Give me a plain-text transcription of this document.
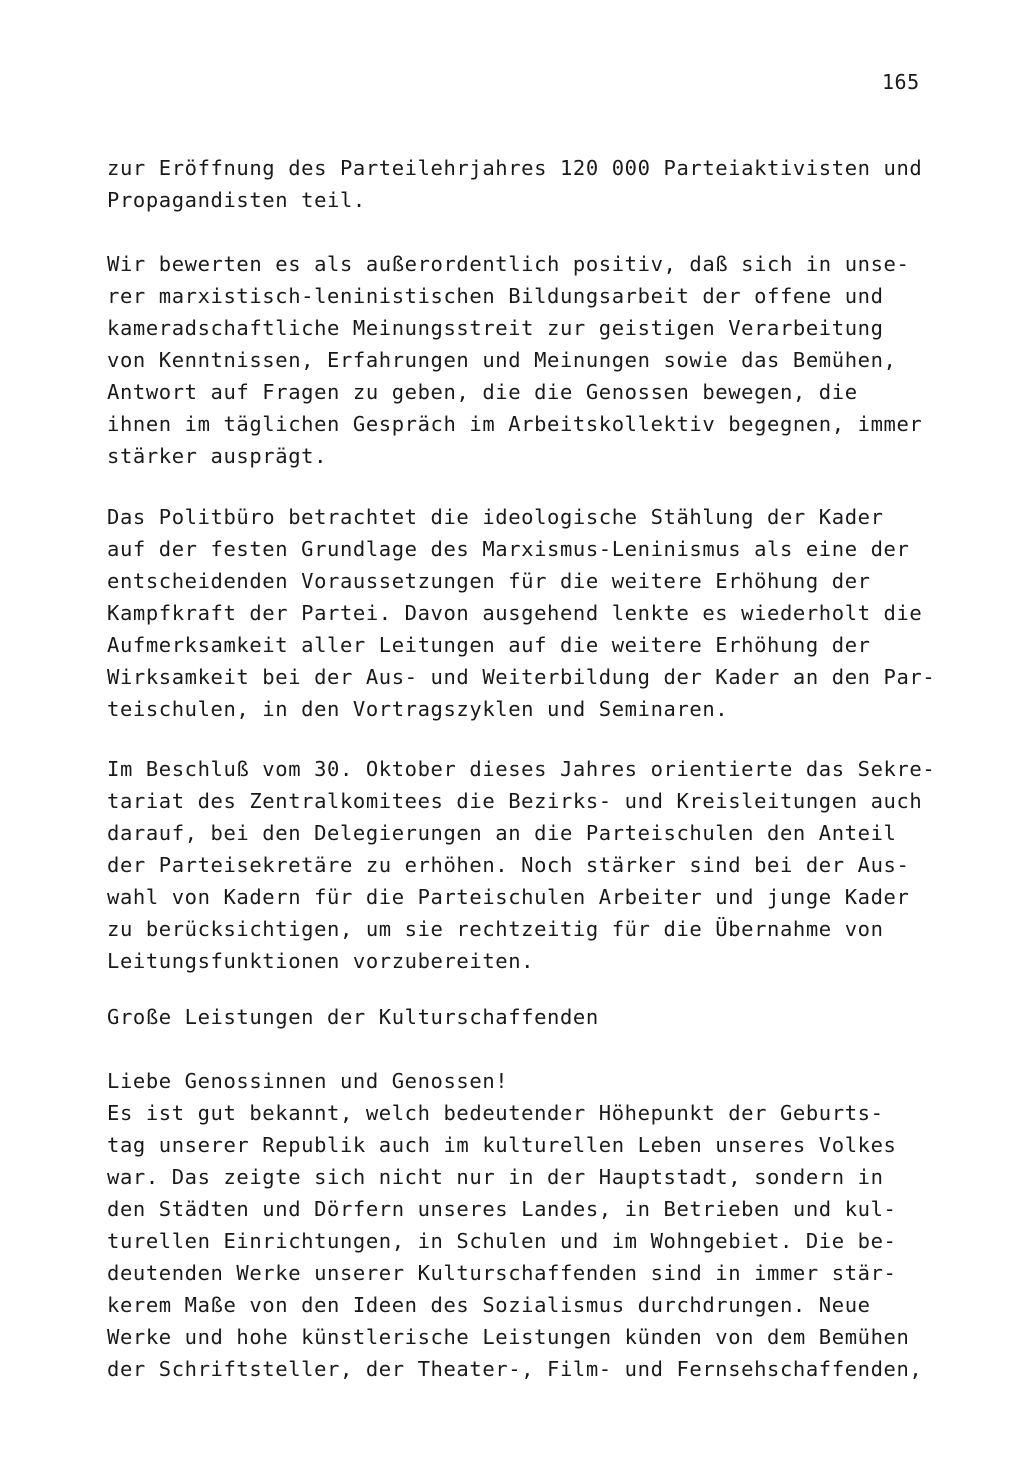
165
zur Eröffnung des Parteilehrjahres 120 000 Parteiaktivisten und
Propagandisten teil.
Wir bewerten es als außerordentlich positiv, daß sich in unse-
rer marxistisch-leninistischen Bildungsarbeit der offene und
kameradschaftliche Meinungsstreit zur geistigen Verarbeitung
von Kenntnissen, Erfahrungen und Meinungen sowie das Bemühen,
Antwort auf Fragen zu geben, die die Genossen bewegen, die
ihnen im täglichen Gespräch im Arbeitskollektiv begegnen, immer
stärker ausprägt.
Das Politbüro betrachtet die ideologische Stählung der Kader
auf der festen Grundlage des Marxismus-Leninismus als eine der
entscheidenden Voraussetzungen für die weitere Erhöhung der
Kampfkraft der Partei. Davon ausgehend lenkte es wiederholt die
Aufmerksamkeit aller Leitungen auf die weitere Erhöhung der
Wirksamkeit bei der Aus- und Weiterbildung der Kader an den Par-
teischulen, in den Vortragszyklen und Seminaren.
Im Beschluß vom 30. Oktober dieses Jahres orientierte das Sekre-
tariat des Zentralkomitees die Bezirks- und Kreisleitungen auch
darauf, bei den Delegierungen an die Parteischulen den Anteil
der Parteisekretäre zu erhöhen. Noch stärker sind bei der Aus-
wahl von Kadern für die Parteischulen Arbeiter und junge Kader
zu berücksichtigen, um sie rechtzeitig für die Übernahme von
Leitungsfunktionen vorzubereiten.
Große Leistungen der Kulturschaffenden
Liebe Genossinnen und Genossen!
Es ist gut bekannt, welch bedeutender Höhepunkt der Geburts-
tag unserer Republik auch im kulturellen Leben unseres Volkes
war. Das zeigte sich nicht nur in der Hauptstadt, sondern in
den Städten und Dörfern unseres Landes, in Betrieben und kul-
turellen Einrichtungen, in Schulen und im Wohngebiet. Die be-
deutenden Werke unserer Kulturschaffenden sind in immer stär-
kerem Maße von den Ideen des Sozialismus durchdrungen. Neue
Werke und hohe künstlerische Leistungen künden von dem Bemühen
der Schriftsteller, der Theater-, Film- und Fernsehschaffenden,
